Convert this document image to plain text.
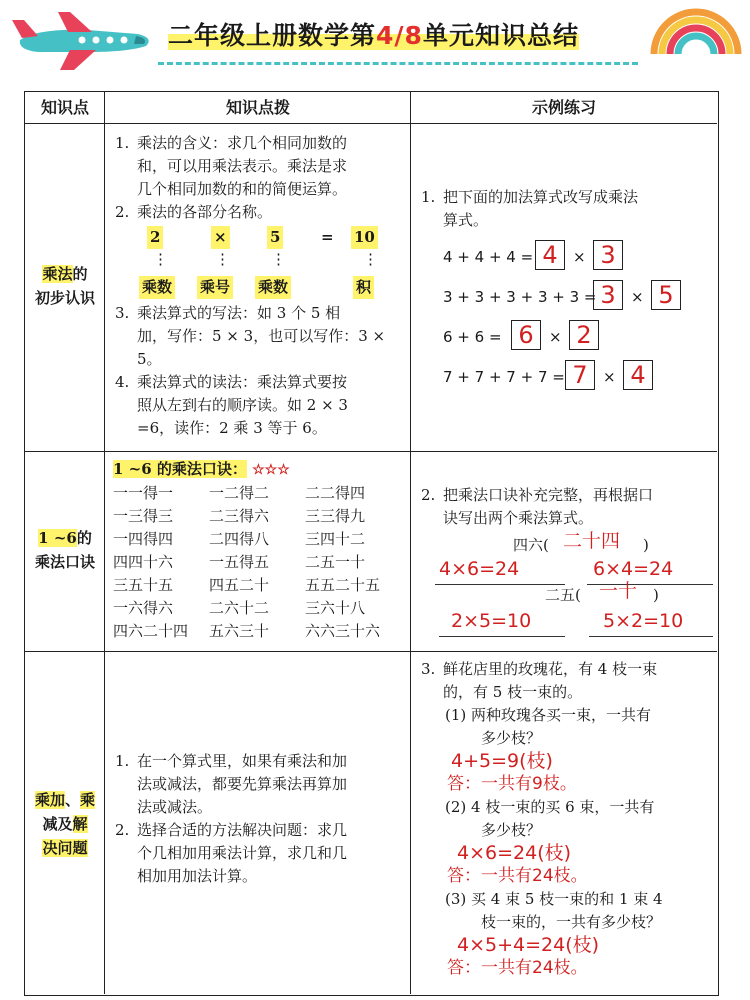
二年级上册数学第4/8单元知识总结
知识点	知识点拨	示例练习
乘法的
初步认识
1. 乘法的含义：求几个相同加数的
和，可以用乘法表示。乘法是求
几个相同加数的和的简便运算。
2. 乘法的各部分名称。
2	×	5	= 10
⋮	⋮	⋮	⋮
乘数 乘号 乘数	积
3. 乘法算式的写法：如 3 个 5 相
加，写作：5 × 3，也可以写作：3 ×
5。
4. 乘法算式的读法：乘法算式要按
照从左到右的顺序读。如 2 × 3
=6，读作：2 乘 3 等于 6。
1. 把下面的加法算式改写成乘法
算式。
4 + 4 + 4 = 4	× 3
3 + 3 + 3 + 3 + 3 = 3	× 5
6 + 6 = 6	× 2
7 + 7 + 7 + 7 = 7	× 4
1 ~6的
乘法口诀
1 ~6 的乘法口诀： ☆☆☆
一一得一	一二得二	二二得四
一三得三	二三得六	三三得九
一四得四	二四得八	三四十二
四四十六	一五得五	二五一十
三五十五	四五二十	五五二十五
一六得六	二六十二	三六十八
四六二十四	五六三十	六六三十六
2. 把乘法口诀补充完整，再根据口
诀写出两个乘法算式。
四六( 二十四 )
4×6=24	6×4=24
二五( 一十 )
2×5=10	5×2=10
乘加、乘
减及解
决问题
1. 在一个算式里，如果有乘法和加
法或减法，都要先算乘法再算加
法或减法。
2. 选择合适的方法解决问题：求几
个几相加用乘法计算，求几和几
相加用加法计算。
3. 鲜花店里的玫瑰花，有 4 枝一束
的，有 5 枝一束的。
(1) 两种玫瑰各买一束，一共有
多少枝？
4+5=9(枝)
答：一共有9枝。
(2) 4 枝一束的买 6 束，一共有
多少枝？
4×6=24(枝)
答：一共有24枝。
(3) 买 4 束 5 枝一束的和 1 束 4
枝一束的，一共有多少枝？
4×5+4=24(枝)
答：一共有24枝。
